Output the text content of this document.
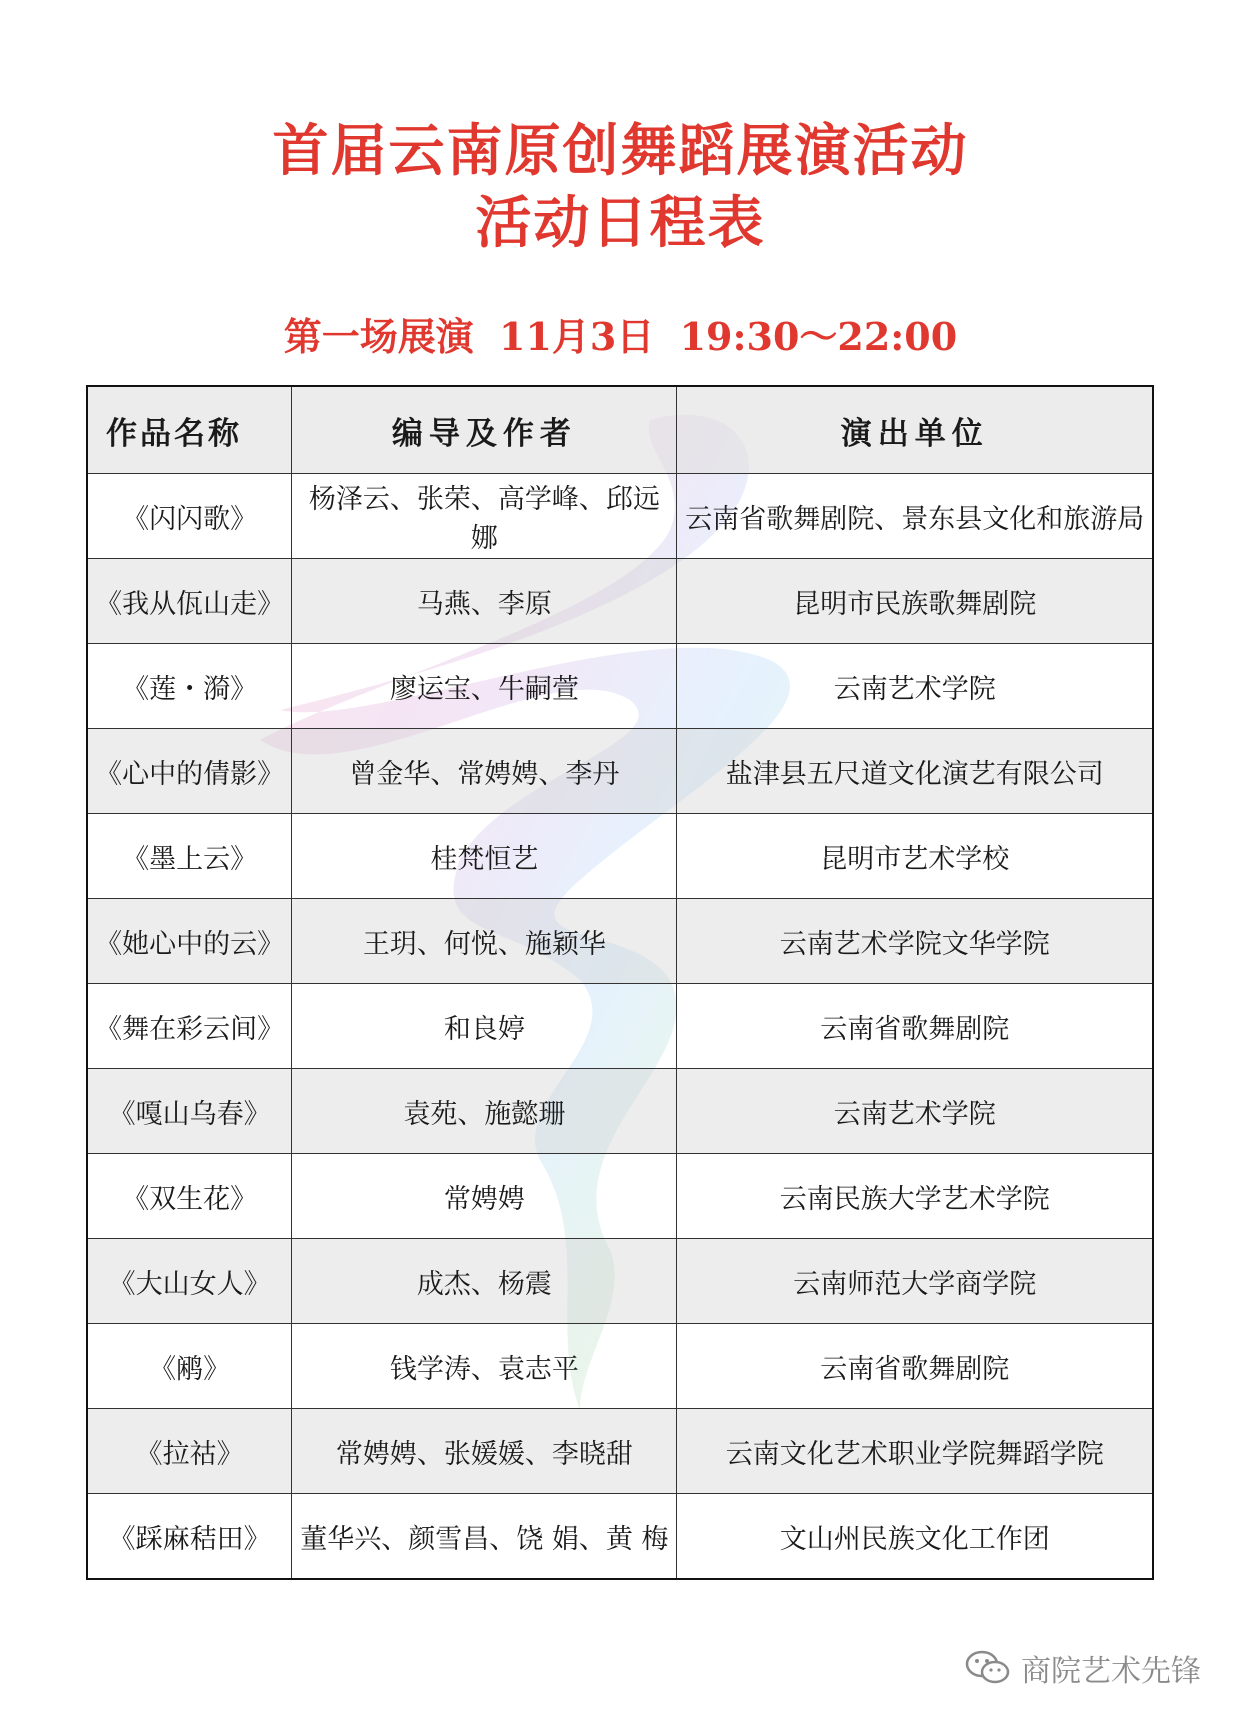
首届云南原创舞蹈展演活动
活动日程表
第一场展演 11月3日 19:30～22:00
作品名称	编导及作者	演出单位
《闪闪歌》	杨泽云、张荣、高学峰、邱远娜	云南省歌舞剧院、景东县文化和旅游局
《我从佤山走》	马燕、李原	昆明市民族歌舞剧院
《莲・漪》	廖运宝、牛嗣萱	云南艺术学院
《心中的倩影》	曾金华、常娉娉、李丹	盐津县五尺道文化演艺有限公司
《墨上云》	桂梵恒艺	昆明市艺术学校
《她心中的云》	王玥、何悦、施颖华	云南艺术学院文华学院
《舞在彩云间》	和良婷	云南省歌舞剧院
《嘎山乌春》	袁苑、施懿珊	云南艺术学院
《双生花》	常娉娉	云南民族大学艺术学院
《大山女人》	成杰、杨震	云南师范大学商学院
《鹇》	钱学涛、袁志平	云南省歌舞剧院
《拉祜》	常娉娉、张媛媛、李晓甜	云南文化艺术职业学院舞蹈学院
《踩麻秸田》	董华兴、颜雪昌、饶 娟、黄 梅	文山州民族文化工作团
商院艺术先锋
